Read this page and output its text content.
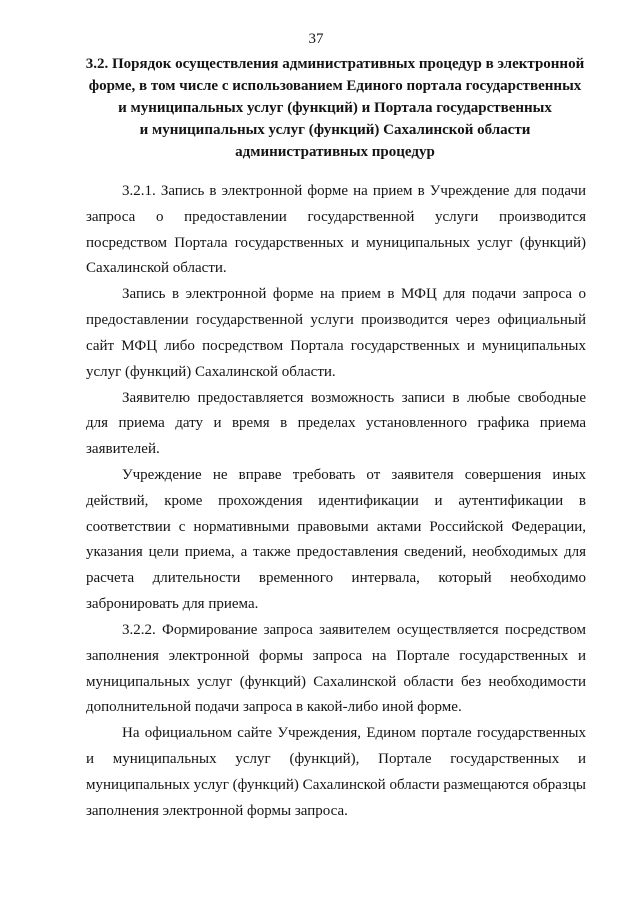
37
3.2. Порядок осуществления административных процедур в электронной
форме, в том числе с использованием Единого портала государственных
и муниципальных услуг (функций) и Портала государственных
и муниципальных услуг (функций) Сахалинской области
административных процедур

3.2.1. Запись в электронной форме на прием в Учреждение для подачи запроса о предоставлении государственной услуги производится посредством Портала государственных и муниципальных услуг (функций) Сахалинской области.

Запись в электронной форме на прием в МФЦ для подачи запроса о предоставлении государственной услуги производится через официальный сайт МФЦ либо посредством Портала государственных и муниципальных услуг (функций) Сахалинской области.

Заявителю предоставляется возможность записи в любые свободные для приема дату и время в пределах установленного графика приема заявителей.

Учреждение не вправе требовать от заявителя совершения иных действий, кроме прохождения идентификации и аутентификации в соответствии с нормативными правовыми актами Российской Федерации, указания цели приема, а также предоставления сведений, необходимых для расчета длительности временного интервала, который необходимо забронировать для приема.

3.2.2. Формирование запроса заявителем осуществляется посредством заполнения электронной формы запроса на Портале государственных и муниципальных услуг (функций) Сахалинской области без необходимости дополнительной подачи запроса в какой-либо иной форме.

На официальном сайте Учреждения, Едином портале государственных и муниципальных услуг (функций), Портале государственных и муниципальных услуг (функций) Сахалинской области размещаются образцы заполнения электронной формы запроса.
